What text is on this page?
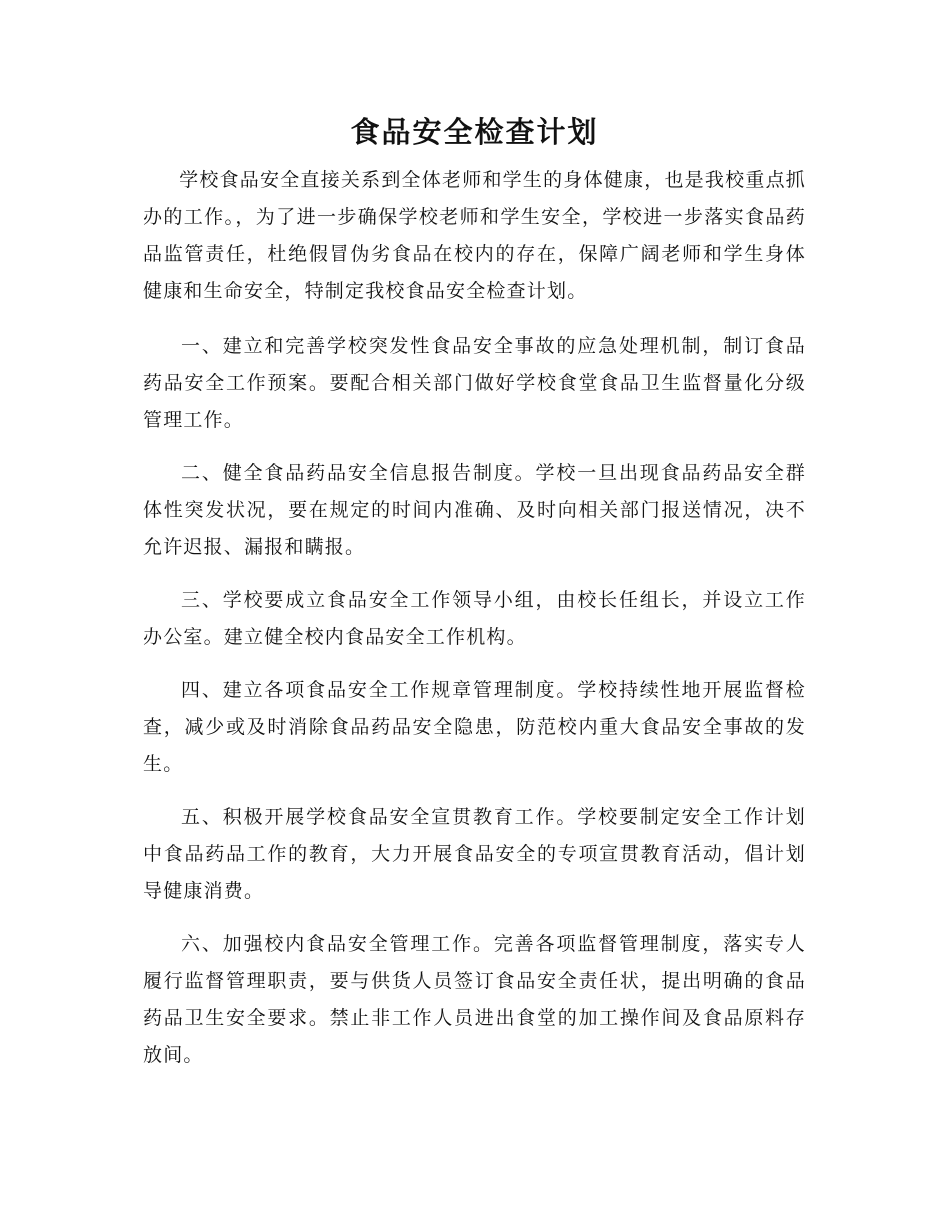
食品安全检查计划

学校食品安全直接关系到全体老师和学生的身体健康，也是我校重点抓办的工作。，为了进一步确保学校老师和学生安全，学校进一步落实食品药品监管责任，杜绝假冒伪劣食品在校内的存在，保障广阔老师和学生身体健康和生命安全，特制定我校食品安全检查计划。

一、建立和完善学校突发性食品安全事故的应急处理机制，制订食品药品安全工作预案。要配合相关部门做好学校食堂食品卫生监督量化分级管理工作。

二、健全食品药品安全信息报告制度。学校一旦出现食品药品安全群体性突发状况，要在规定的时间内准确、及时向相关部门报送情况，决不允许迟报、漏报和瞒报。

三、学校要成立食品安全工作领导小组，由校长任组长，并设立工作办公室。建立健全校内食品安全工作机构。

四、建立各项食品安全工作规章管理制度。学校持续性地开展监督检查，减少或及时消除食品药品安全隐患，防范校内重大食品安全事故的发生。

五、积极开展学校食品安全宣贯教育工作。学校要制定安全工作计划中食品药品工作的教育，大力开展食品安全的专项宣贯教育活动，倡计划导健康消费。

六、加强校内食品安全管理工作。完善各项监督管理制度，落实专人履行监督管理职责，要与供货人员签订食品安全责任状，提出明确的食品药品卫生安全要求。禁止非工作人员进出食堂的加工操作间及食品原料存放间。
